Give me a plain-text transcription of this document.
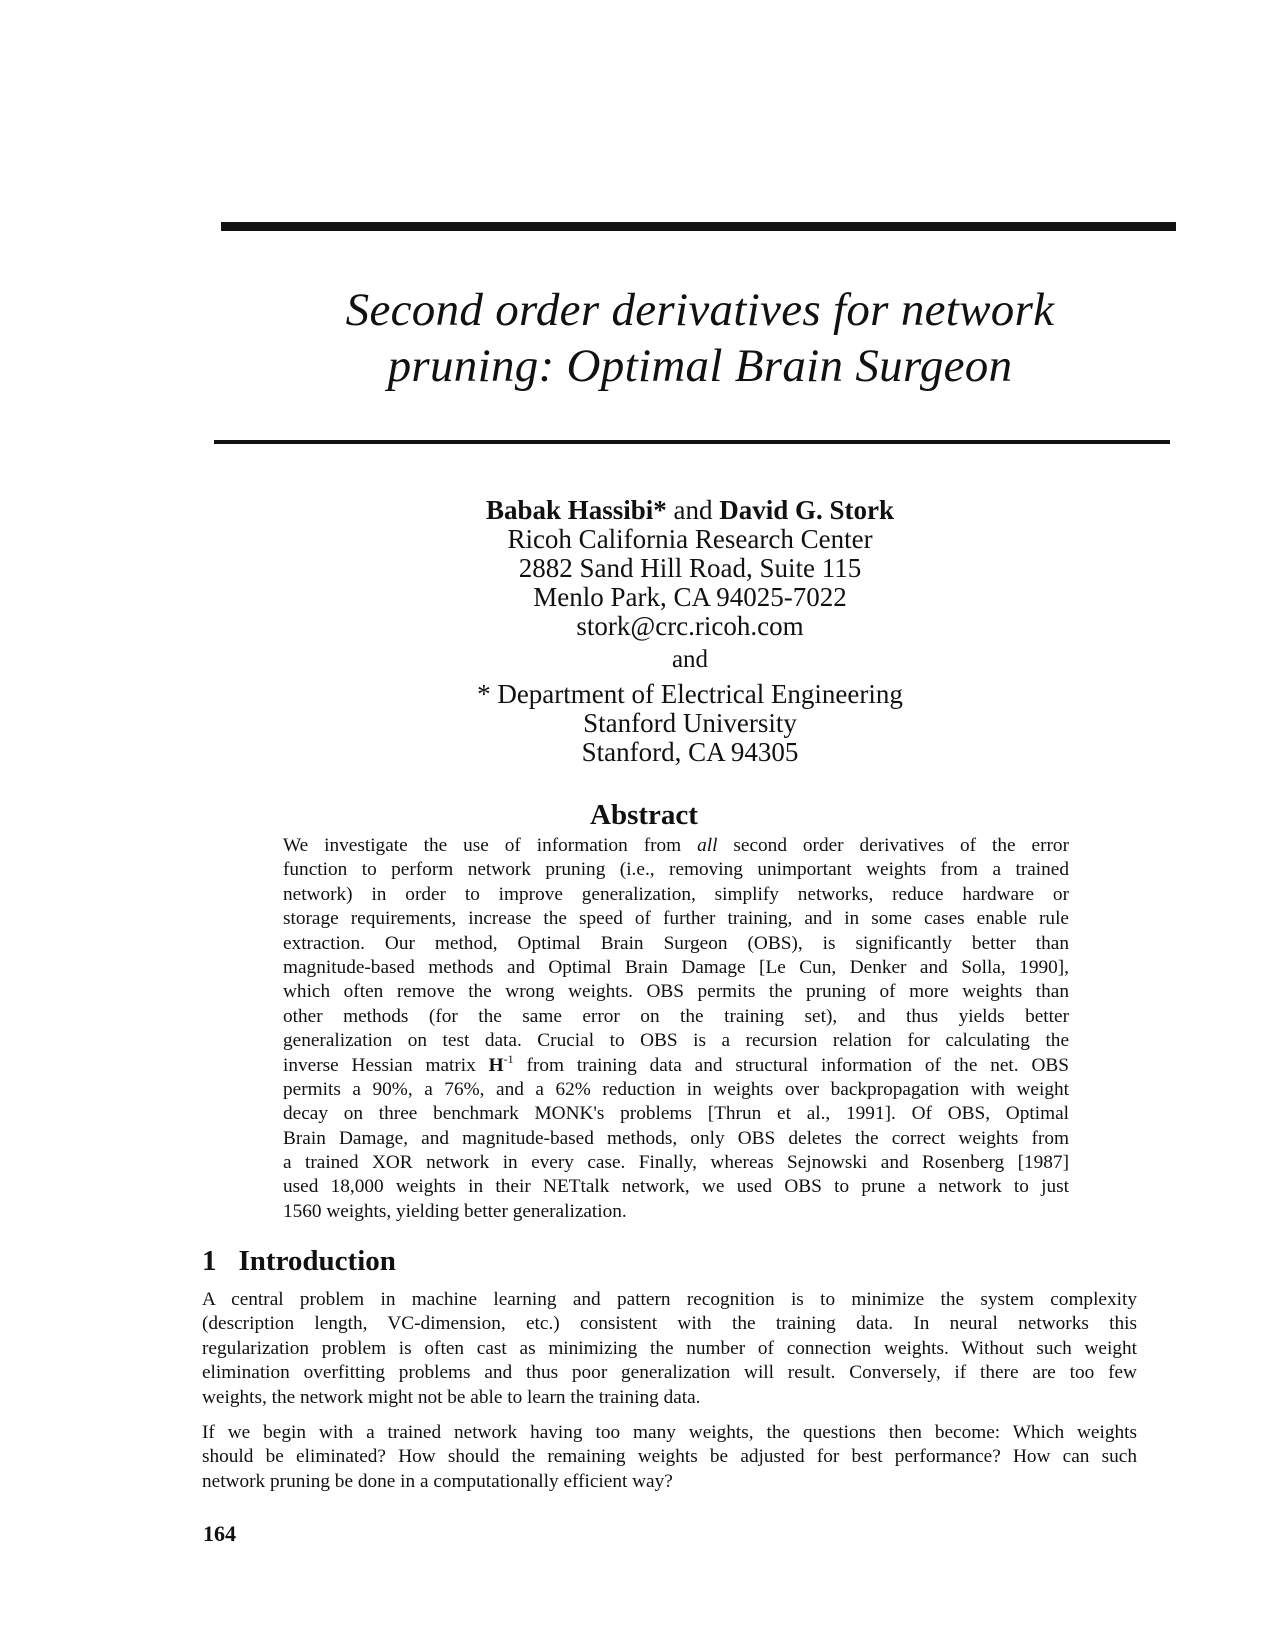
Second order derivatives for network
pruning: Optimal Brain Surgeon
Babak Hassibi* and David G. Stork
Ricoh California Research Center
2882 Sand Hill Road, Suite 115
Menlo Park, CA 94025-7022
stork@crc.ricoh.com
and
* Department of Electrical Engineering
Stanford University
Stanford, CA 94305
Abstract
We investigate the use of information from all second order derivatives of the error
function to perform network pruning (i.e., removing unimportant weights from a trained
network) in order to improve generalization, simplify networks, reduce hardware or
storage requirements, increase the speed of further training, and in some cases enable rule
extraction. Our method, Optimal Brain Surgeon (OBS), is significantly better than
magnitude-based methods and Optimal Brain Damage [Le Cun, Denker and Solla, 1990],
which often remove the wrong weights. OBS permits the pruning of more weights than
other methods (for the same error on the training set), and thus yields better
generalization on test data. Crucial to OBS is a recursion relation for calculating the
inverse Hessian matrix $H^{-1}$ from training data and structural information of the net. OBS
permits a 90%, a 76%, and a 62% reduction in weights over backpropagation with weight
decay on three benchmark MONK's problems [Thrun et al., 1991]. Of OBS, Optimal
Brain Damage, and magnitude-based methods, only OBS deletes the correct weights from
a trained XOR network in every case. Finally, whereas Sejnowski and Rosenberg [1987]
used 18,000 weights in their NETtalk network, we used OBS to prune a network to just
1560 weights, yielding better generalization.
1 Introduction
A central problem in machine learning and pattern recognition is to minimize the system complexity
(description length, VC-dimension, etc.) consistent with the training data. In neural networks this
regularization problem is often cast as minimizing the number of connection weights. Without such weight
elimination overfitting problems and thus poor generalization will result. Conversely, if there are too few
weights, the network might not be able to learn the training data.
If we begin with a trained network having too many weights, the questions then become: Which weights
should be eliminated? How should the remaining weights be adjusted for best performance? How can such
network pruning be done in a computationally efficient way?
164
